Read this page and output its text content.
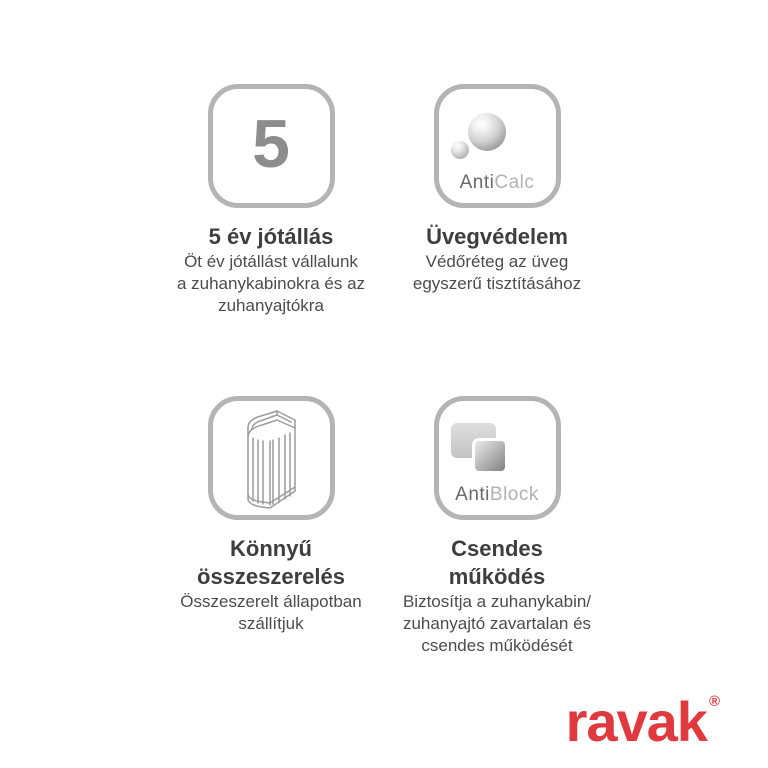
5
5 év jótállás
Öt év jótállást vállalunk
a zuhanykabinokra és az
zuhanyajtókra
AntiCalc
Üvegvédelem
Védőréteg az üveg
egyszerű tisztításához
Könnyű
összeszerelés
Összeszerelt állapotban
szállítjuk
AntiBlock
Csendes
működés
Biztosítja a zuhanykabin/
zuhanyajtó zavartalan és
csendes működését
ravak ®
